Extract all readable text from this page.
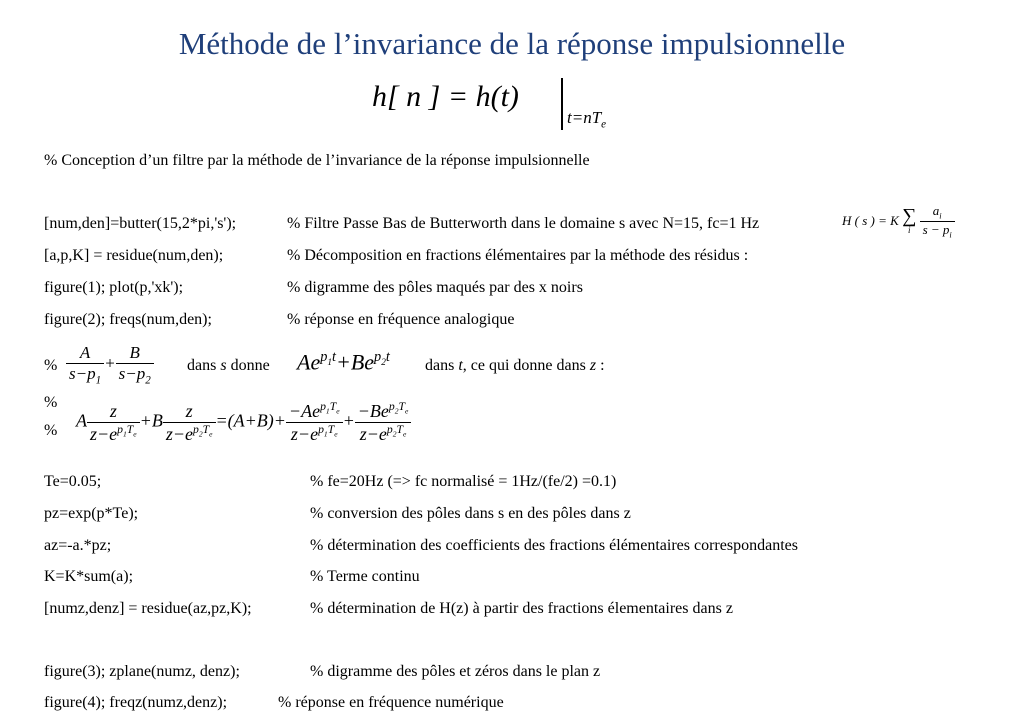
Méthode de l’invariance de la réponse impulsionnelle
h[ n ] = h(t)
$t=nT_e$
% Conception d’un filtre par la méthode de l’invariance de la réponse impulsionnelle
[num,den]=butter(15,2*pi,'s');	% Filtre Passe Bas de Butterworth dans le domaine s avec N=15, fc=1 Hz
[a,p,K] = residue(num,den);	% Décomposition en fractions élémentaires par la méthode des résidus :
figure(1); plot(p,'xk');	% digramme des pôles maqués par des x noirs
figure(2); freqs(num,den);	% réponse en fréquence analogique
H ( s ) = K ∑
i
$\frac{a_i}{s - p_i}$
% $\frac{A}{s-p_1} + \frac{B}{s-p_2}$ dans s donne $Ae^{p_1t}+Be^{p_2t}$ dans t, ce qui donne dans z :
%
% A $\frac{z}{z-e^{p_1T_e}} +B \frac{z}{z-e^{p_2T_e}} =(A+B)+ \frac{-Ae^{p_1T_e}}{z-e^{p_1T_e}} + \frac{-Be^{p_2T_e}}{z-e^{p_2T_e}}$
Te=0.05;	% fe=20Hz (=> fc normalisé = 1Hz/(fe/2) =0.1)
pz=exp(p*Te);	% conversion des pôles dans s en des pôles dans z
az=-a.*pz;	% détermination des coefficients des fractions élémentaires correspondantes
K=K*sum(a);	% Terme continu
[numz,denz] = residue(az,pz,K);	% détermination de H(z) à partir des fractions élementaires dans z
figure(3); zplane(numz, denz);	% digramme des pôles et zéros dans le plan z
figure(4); freqz(numz,denz);	% réponse en fréquence numérique
